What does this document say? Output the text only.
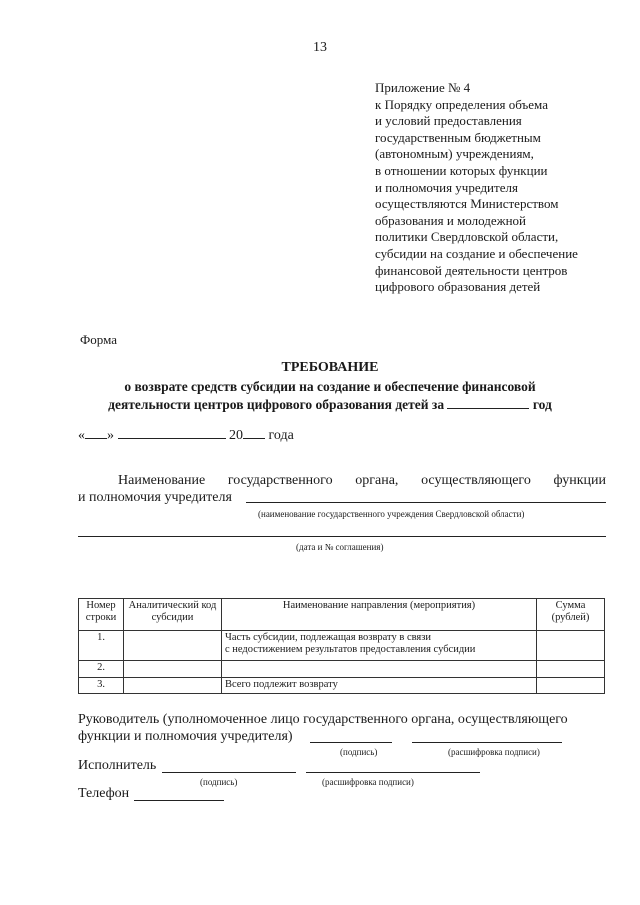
13
Приложение № 4
к Порядку определения объема
и условий предоставления
государственным бюджетным
(автономным) учреждениям,
в отношении которых функции
и полномочия учредителя
осуществляются Министерством
образования и молодежной
политики Свердловской области,
субсидии на создание и обеспечение
финансовой деятельности центров
цифрового образования детей
Форма
ТРЕБОВАНИЕ
о возврате средств субсидии на создание и обеспечение финансовой
деятельности центров цифрового образования детей за	год
« »	20 года
Наименование государственного органа, осуществляющего функции
и полномочия учредителя
(наименование государственного учреждения Свердловской области)
(дата и № соглашения)
Номер строки	Аналитический код субсидии	Наименование направления (мероприятия)	Сумма (рублей)
1.		Часть субсидии, подлежащая возврату в связи
с недостижением результатов предоставления субсидии	

2.			
3.		Всего подлежит возврату	
Руководитель (уполномоченное лицо государственного органа, осуществляющего
функции и полномочия учредителя)
(подпись)	(расшифровка подписи)
Исполнитель
(подпись)	(расшифровка подписи)
Телефон
